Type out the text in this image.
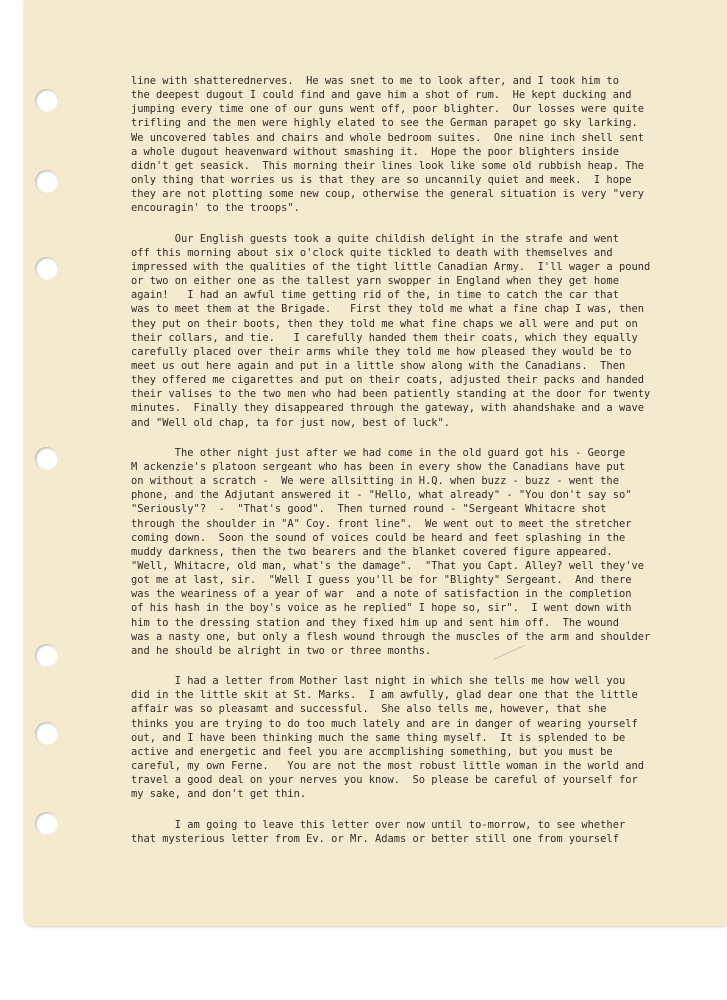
line with shatterednerves.  He was snet to me to look after, and I took him to
the deepest dugout I could find and gave him a shot of rum.  He kept ducking and
jumping every time one of our guns went off, poor blighter.  Our losses were quite
trifling and the men were highly elated to see the German parapet go sky larking.
We uncovered tables and chairs and whole bedroom suites.  One nine inch shell sent
a whole dugout heavenward without smashing it.  Hope the poor blighters inside
didn't get seasick.  This morning their lines look like some old rubbish heap. The
only thing that worries us is that they are so uncannily quiet and meek.  I hope
they are not plotting some new coup, otherwise the general situation is very "very
encouragin' to the troops".
Our English guests took a quite childish delight in the strafe and went
off this morning about six o'clock quite tickled to death with themselves and
impressed with the qualities of the tight little Canadian Army.  I'll wager a pound
or two on either one as the tallest yarn swopper in England when they get home
again!   I had an awful time getting rid of the, in time to catch the car that
was to meet them at the Brigade.   First they told me what a fine chap I was, then
they put on their boots, then they told me what fine chaps we all were and put on
their collars, and tie.   I carefully handed them their coats, which they equally
carefully placed over their arms while they told me how pleased they would be to
meet us out here again and put in a little show along with the Canadians.  Then
they offered me cigarettes and put on their coats, adjusted their packs and handed
their valises to the two men who had been patiently standing at the door for twenty
minutes.  Finally they disappeared through the gateway, with ahandshake and a wave
and "Well old chap, ta for just now, best of luck".
The other night just after we had come in the old guard got his - George
M ackenzie's platoon sergeant who has been in every show the Canadians have put
on without a scratch -  We were allsitting in H.Q. when buzz - buzz - went the
phone, and the Adjutant answered it - "Hello, what already" - "You don't say so"
"Seriously"?  -  "That's good".  Then turned round - "Sergeant Whitacre shot
through the shoulder in "A" Coy. front line".  We went out to meet the stretcher
coming down.  Soon the sound of voices could be heard and feet splashing in the
muddy darkness, then the two bearers and the blanket covered figure appeared.
"Well, Whitacre, old man, what's the damage".  "That you Capt. Alley? well they've
got me at last, sir.  "Well I guess you'll be for "Blighty" Sergeant.  And there
was the weariness of a year of war  and a note of satisfaction in the completion
of his hash in the boy's voice as he replied" I hope so, sir".  I went down with
him to the dressing station and they fixed him up and sent him off.  The wound
was a nasty one, but only a flesh wound through the muscles of the arm and shoulder
and he should be alright in two or three months.
I had a letter from Mother last night in which she tells me how well you
did in the little skit at St. Marks.  I am awfully, glad dear one that the little
affair was so pleasamt and successful.  She also tells me, however, that she
thinks you are trying to do too much lately and are in danger of wearing yourself
out, and I have been thinking much the same thing myself.  It is splended to be
active and energetic and feel you are accmplishing something, but you must be
careful, my own Ferne.   You are not the most robust little woman in the world and
travel a good deal on your nerves you know.  So please be careful of yourself for
my sake, and don't get thin.
I am going to leave this letter over now until to-morrow, to see whether
that mysterious letter from Ev. or Mr. Adams or better still one from yourself
